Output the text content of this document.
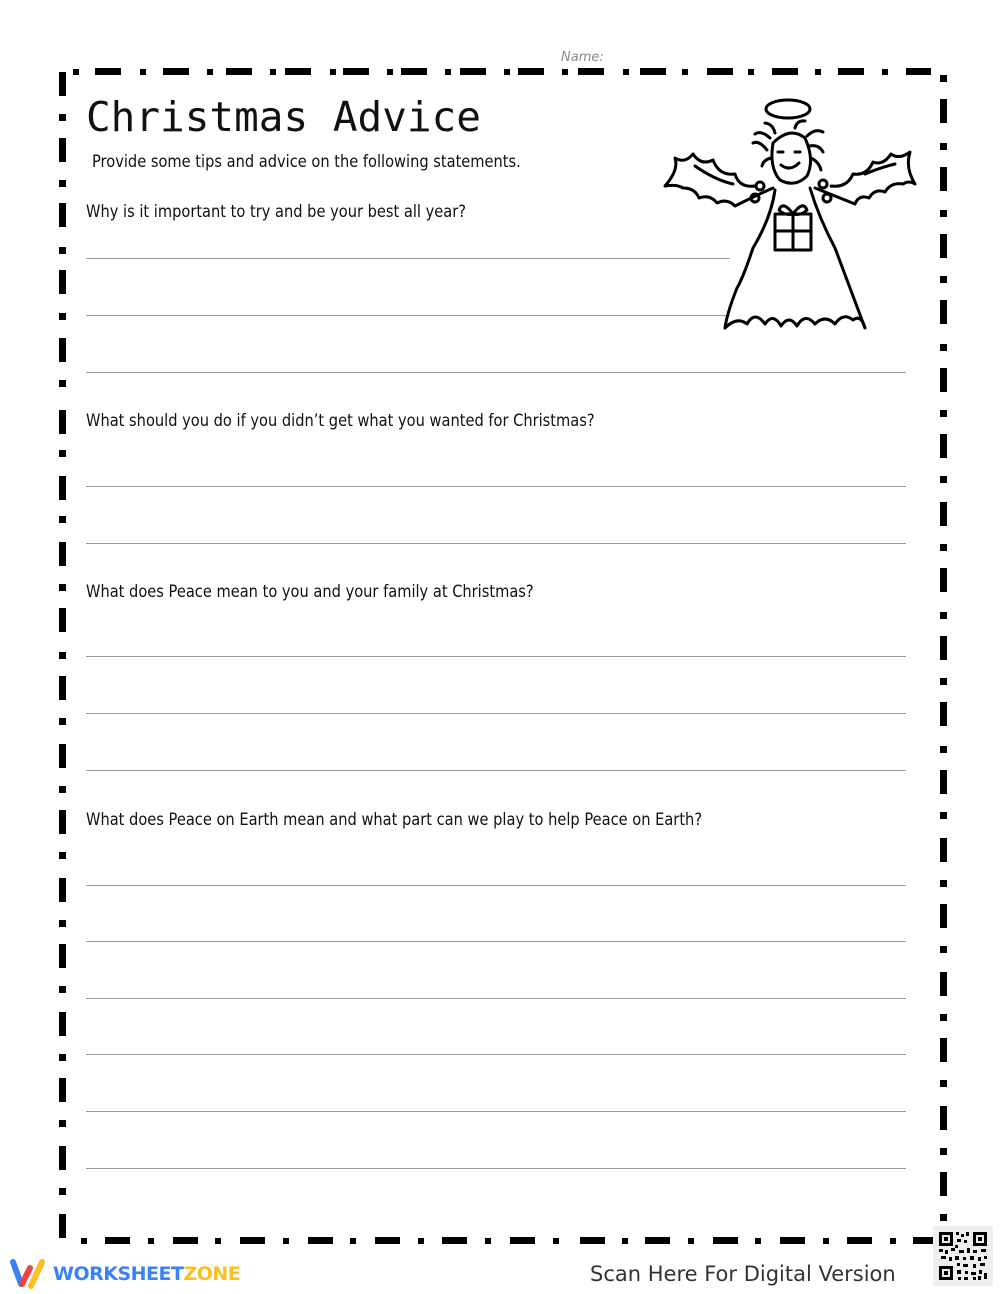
Name:
Christmas Advice
Provide some tips and advice on the following statements.
Why is it important to try and be your best all year?
What should you do if you didn’t get what you wanted for Christmas?
What does Peace mean to you and your family at Christmas?
What does Peace on Earth mean and what part can we play to help Peace on Earth?
WORKSHEETZONE	Scan Here For Digital Version
